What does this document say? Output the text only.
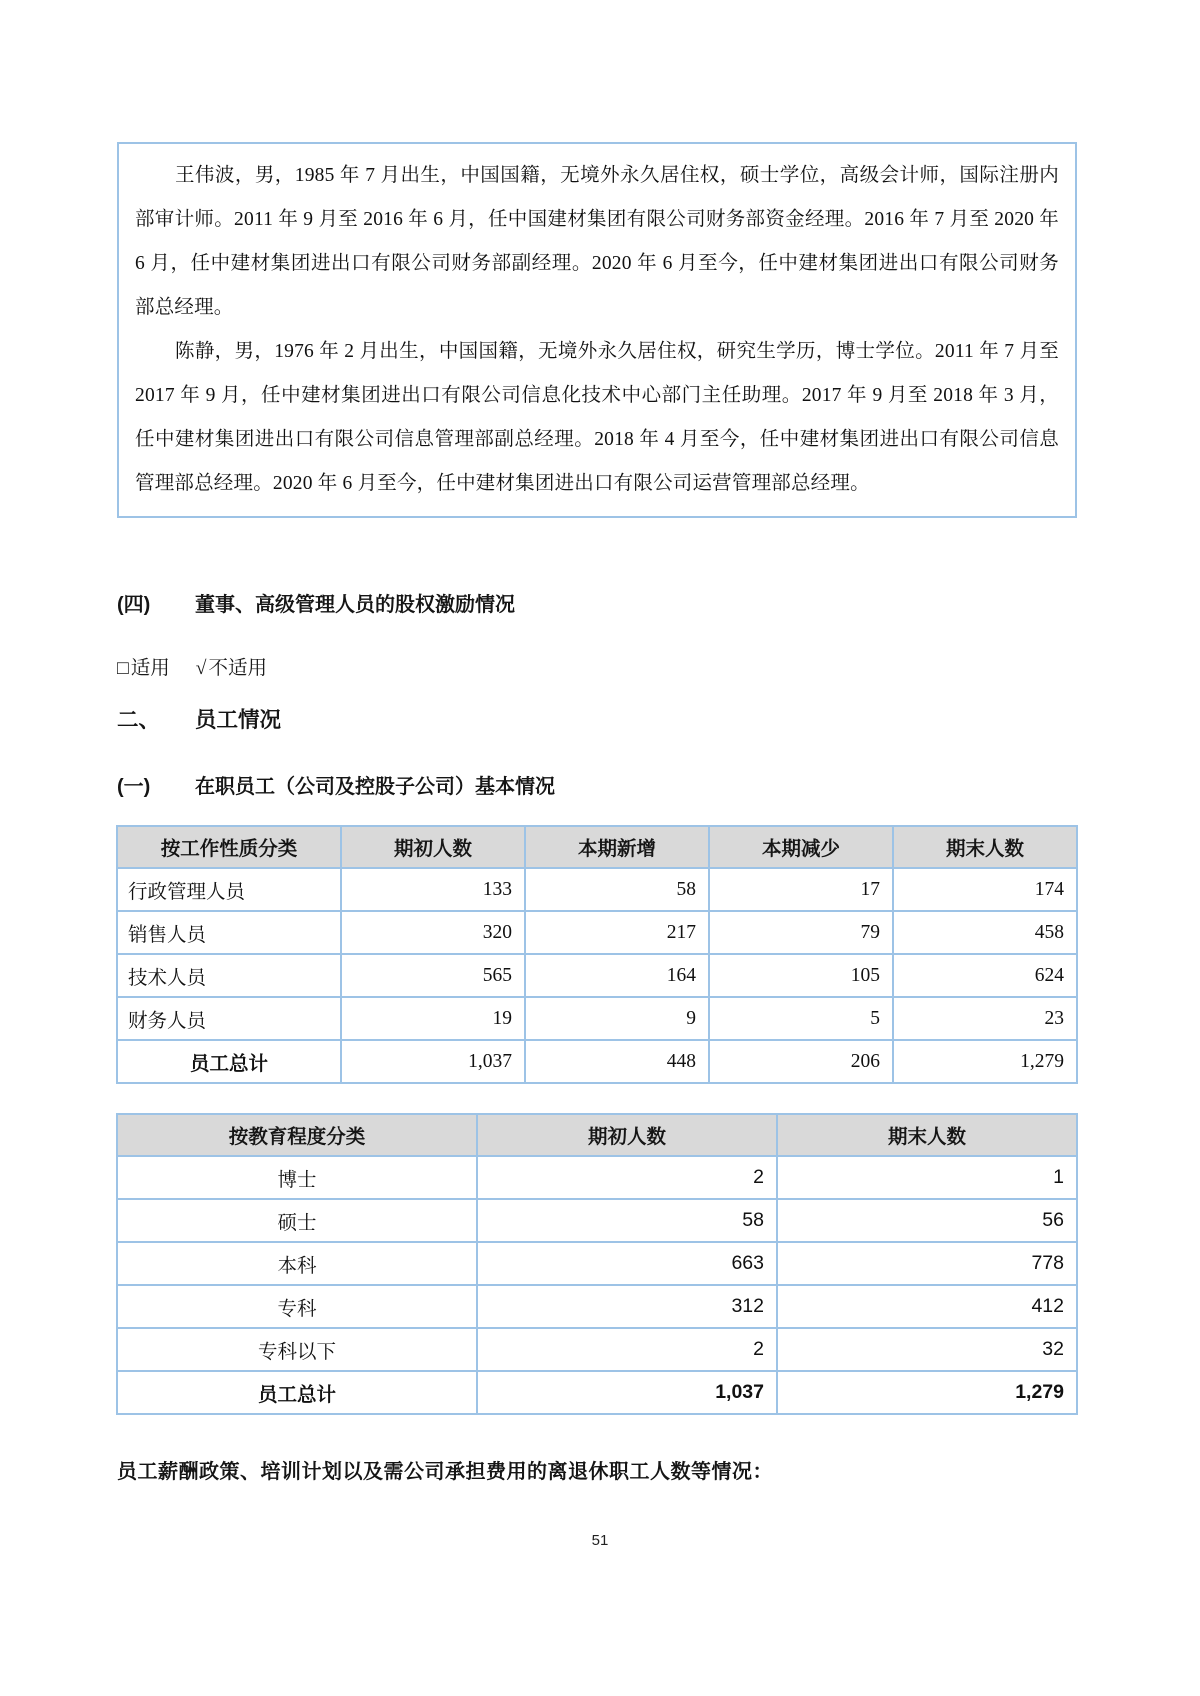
王伟波，男，1985 年 7 月出生，中国国籍，无境外永久居住权，硕士学位，高级会计师，国际注册内部审计师。2011 年 9 月至 2016 年 6 月，任中国建材集团有限公司财务部资金经理。2016 年 7 月至 2020 年 6 月，任中建材集团进出口有限公司财务部副经理。2020 年 6 月至今，任中建材集团进出口有限公司财务部总经理。

陈静，男，1976 年 2 月出生，中国国籍，无境外永久居住权，研究生学历，博士学位。2011 年 7 月至 2017 年 9 月，任中建材集团进出口有限公司信息化技术中心部门主任助理。2017 年 9 月至 2018 年 3 月，任中建材集团进出口有限公司信息管理部副总经理。2018 年 4 月至今，任中建材集团进出口有限公司信息管理部总经理。2020 年 6 月至今，任中建材集团进出口有限公司运营管理部总经理。

(四)	董事、高级管理人员的股权激励情况
□ 适用 √ 不适用
二、	员工情况
(一)	在职员工（公司及控股子公司）基本情况
按工作性质分类	期初人数	本期新增	本期减少	期末人数
行政管理人员	133	58	17	174
销售人员	320	217	79	458
技术人员	565	164	105	624
财务人员	19	9	5	23
员工总计	1,037	448	206	1,279
按教育程度分类	期初人数	期末人数
博士	2	1
硕士	58	56
本科	663	778
专科	312	412
专科以下	2	32
员工总计	1,037	1,279
员工薪酬政策、培训计划以及需公司承担费用的离退休职工人数等情况：
51
